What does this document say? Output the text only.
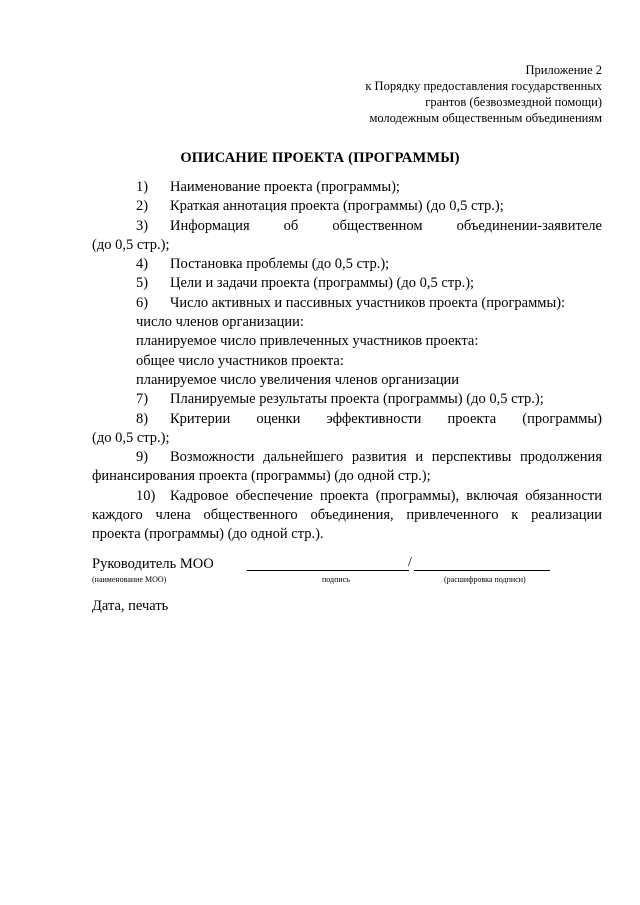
Приложение 2
к Порядку предоставления государственных
грантов (безвозмездной помощи)
молодежным общественным объединениям
ОПИСАНИЕ ПРОЕКТА (ПРОГРАММЫ)
1)	Наименование проекта (программы);
2)	Краткая аннотация проекта (программы) (до 0,5 стр.);
3)	Информация об общественном объединении-заявителе
(до 0,5 стр.);
4)	Постановка проблемы (до 0,5 стр.);
5)	Цели и задачи проекта (программы) (до 0,5 стр.);
6)	Число активных и пассивных участников проекта (программы):
число членов организации:
планируемое число привлеченных участников проекта:
общее число участников проекта:
планируемое число увеличения членов организации
7)	Планируемые результаты проекта (программы) (до 0,5 стр.);
8)	Критерии оценки эффективности проекта (программы)
(до 0,5 стр.);
9)	Возможности дальнейшего развития и перспективы продолжения
финансирования проекта (программы) (до одной стр.);
10)	Кадровое обеспечение проекта (программы), включая обязанности
каждого члена общественного объединения, привлеченного к реализации
проекта (программы) (до одной стр.).
Руководитель МОО
(наименование МОО)
/
подпись	(расшифровка подписи)
Дата, печать
